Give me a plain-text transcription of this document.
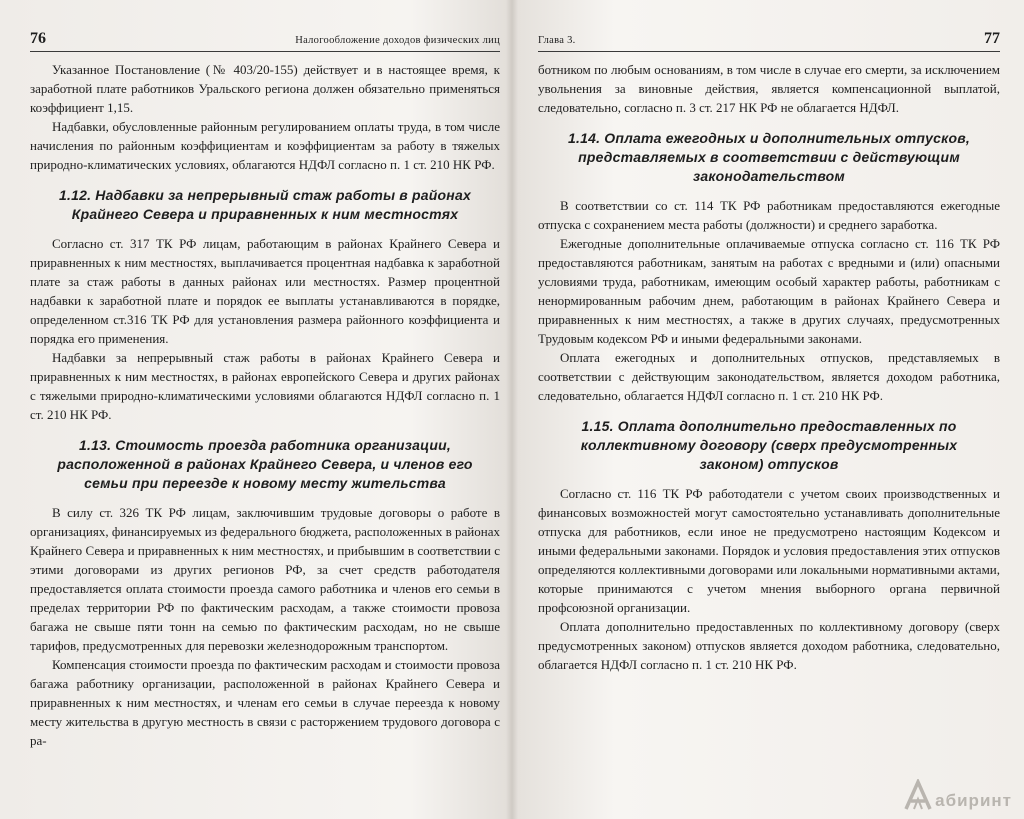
76	Налогообложение доходов физических лиц

Указанное Постановление (№ 403/20-155) действует и в настоящее время, к заработной плате работников Уральского региона должен обязательно применяться коэффициент 1,15.

Надбавки, обусловленные районным регулированием оплаты труда, в том числе начисления по районным коэффициентам и коэффициентам за работу в тяжелых природно-климатических условиях, облагаются НДФЛ согласно п. 1 ст. 210 НК РФ.

1.12. Надбавки за непрерывный стаж работы в районах Крайнего Севера и приравненных к ним местностях

Согласно ст. 317 ТК РФ лицам, работающим в районах Крайнего Севера и приравненных к ним местностях, выплачивается процентная надбавка к заработной плате за стаж работы в данных районах или местностях. Размер процентной надбавки к заработной плате и порядок ее выплаты устанавливаются в порядке, определенном ст.316 ТК РФ для установления размера районного коэффициента и порядка его применения.

Надбавки за непрерывный стаж работы в районах Крайнего Севера и приравненных к ним местностях, в районах европейского Севера и других районах с тяжелыми природно-климатическими условиями облагаются НДФЛ согласно п. 1 ст. 210 НК РФ.

1.13. Стоимость проезда работника организации, расположенной в районах Крайнего Севера, и членов его семьи при переезде к новому месту жительства

В силу ст. 326 ТК РФ лицам, заключившим трудовые договоры о работе в организациях, финансируемых из федерального бюджета, расположенных в районах Крайнего Севера и приравненных к ним местностях, и прибывшим в соответствии с этими договорами из других регионов РФ, за счет средств работодателя предоставляется оплата стоимости проезда самого работника и членов его семьи в пределах территории РФ по фактическим расходам, а также стоимости провоза багажа не свыше пяти тонн на семью по фактическим расходам, но не свыше тарифов, предусмотренных для перевозки железнодорожным транспортом.

Компенсация стоимости проезда по фактическим расходам и стоимости провоза багажа работнику организации, расположенной в районах Крайнего Севера и приравненных к ним местностях, и членам его семьи в случае переезда к новому месту жительства в другую местность в связи с расторжением трудового договора с ра-

Глава 3.	77

ботником по любым основаниям, в том числе в случае его смерти, за исключением увольнения за виновные действия, является компенсационной выплатой, следовательно, согласно п. 3 ст. 217 НК РФ не облагается НДФЛ.

1.14. Оплата ежегодных и дополнительных отпусков, представляемых в соответствии с действующим законодательством

В соответствии со ст. 114 ТК РФ работникам предоставляются ежегодные отпуска с сохранением места работы (должности) и среднего заработка.

Ежегодные дополнительные оплачиваемые отпуска согласно ст. 116 ТК РФ предоставляются работникам, занятым на работах с вредными и (или) опасными условиями труда, работникам, имеющим особый характер работы, работникам с ненормированным рабочим днем, работающим в районах Крайнего Севера и приравненных к ним местностях, а также в других случаях, предусмотренных Трудовым кодексом РФ и иными федеральными законами.

Оплата ежегодных и дополнительных отпусков, представляемых в соответствии с действующим законодательством, является доходом работника, следовательно, облагается НДФЛ согласно п. 1 ст. 210 НК РФ.

1.15. Оплата дополнительно предоставленных по коллективному договору (сверх предусмотренных законом) отпусков

Согласно ст. 116 ТК РФ работодатели с учетом своих производственных и финансовых возможностей могут самостоятельно устанавливать дополнительные отпуска для работников, если иное не предусмотрено настоящим Кодексом и иными федеральными законами. Порядок и условия предоставления этих отпусков определяются коллективными договорами или локальными нормативными актами, которые принимаются с учетом мнения выборного органа первичной профсоюзной организации.

Оплата дополнительно предоставленных по коллективному договору (сверх предусмотренных законом) отпусков является доходом работника, следовательно, облагается НДФЛ согласно п. 1 ст. 210 НК РФ.

абиринт
